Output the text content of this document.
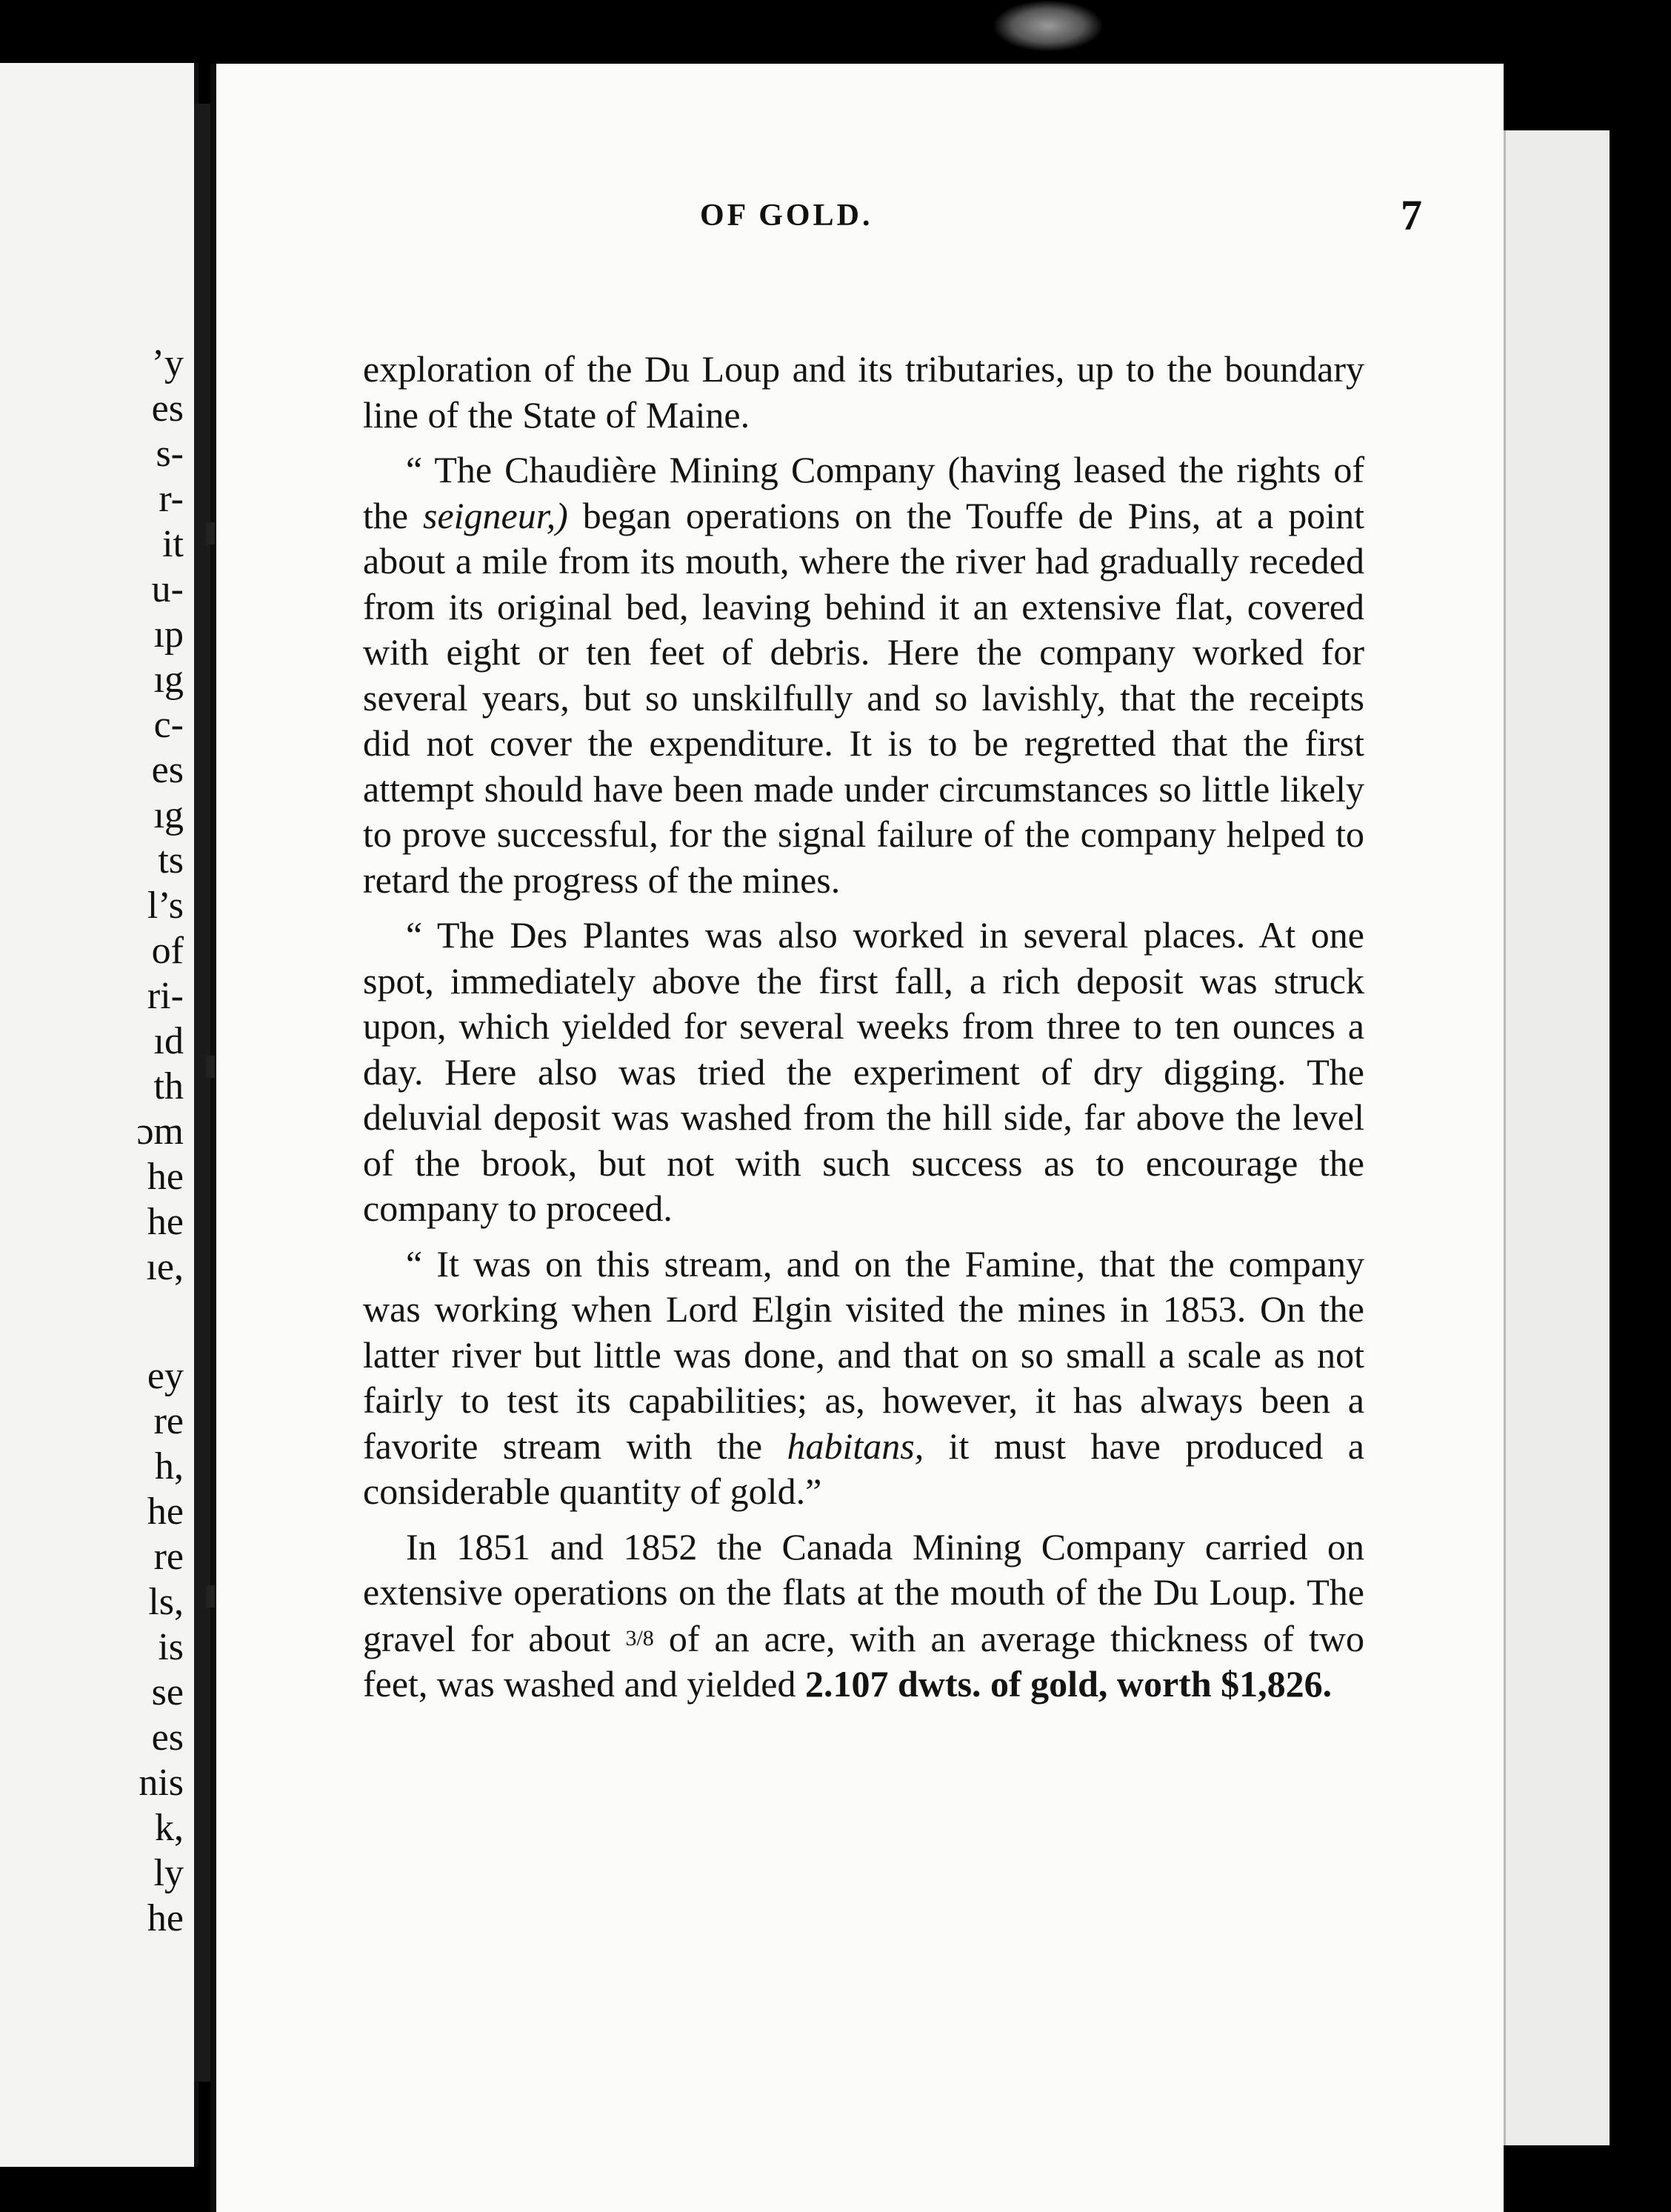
’y
es
s-
r-
it
u-
ıp
ıg
c-
es
ıg
ts
l’s
of
ri-
ıd
th
ɔm
he
he
ıe,
ey
re
h,
he
re
ls,
is
se
es
nis
k,
ly
he
OF GOLD.	7

exploration of the Du Loup and its tributaries, up to the boundary line of the State of Maine.

“ The Chaudière Mining Company (having leased the rights of the seigneur,) began operations on the Touffe de Pins, at a point about a mile from its mouth, where the river had gradually receded from its original bed, leaving behind it an extensive flat, covered with eight or ten feet of debris. Here the company worked for several years, but so unskilfully and so lavishly, that the receipts did not cover the expenditure. It is to be regretted that the first attempt should have been made under circumstances so little likely to prove successful, for the signal failure of the company helped to retard the progress of the mines.

“ The Des Plantes was also worked in several places. At one spot, immediately above the first fall, a rich deposit was struck upon, which yielded for several weeks from three to ten ounces a day. Here also was tried the experiment of dry digging. The deluvial deposit was washed from the hill side, far above the level of the brook, but not with such success as to encourage the company to proceed.

“ It was on this stream, and on the Famine, that the company was working when Lord Elgin visited the mines in 1853. On the latter river but little was done, and that on so small a scale as not fairly to test its capabilities; as, however, it has always been a favorite stream with the habitans, it must have produced a considerable quantity of gold.”

In 1851 and 1852 the Canada Mining Company carried on extensive operations on the flats at the mouth of the Du Loup. The gravel for about 3/8 of an acre, with an average thickness of two feet, was washed and yielded 2.107 dwts. of gold, worth $1,826.
